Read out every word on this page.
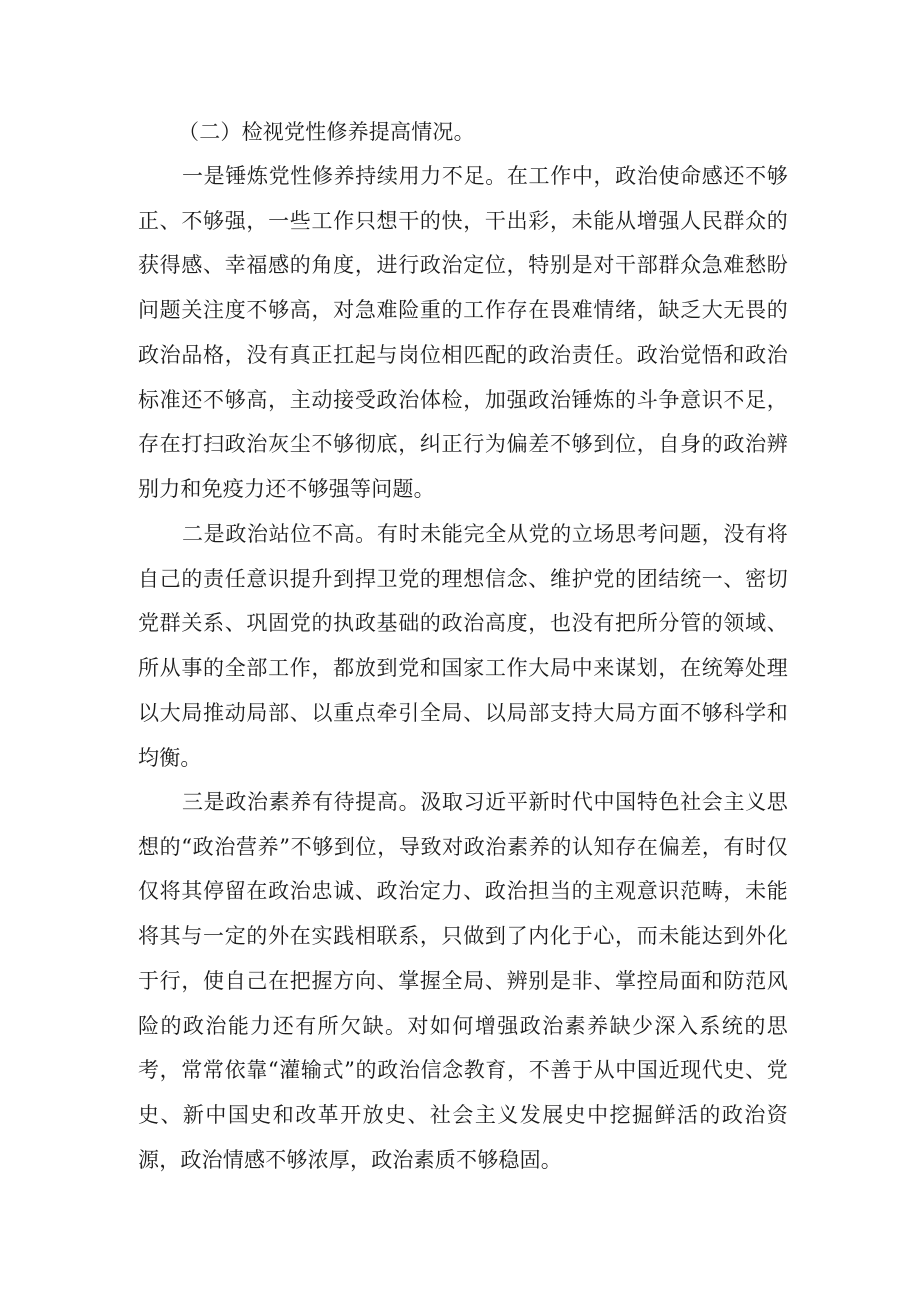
（二）检视党性修养提高情况。

一是锤炼党性修养持续用力不足。在工作中，政治使命感还不够正、不够强，一些工作只想干的快，干出彩，未能从增强人民群众的获得感、幸福感的角度，进行政治定位，特别是对干部群众急难愁盼问题关注度不够高，对急难险重的工作存在畏难情绪，缺乏大无畏的政治品格，没有真正扛起与岗位相匹配的政治责任。政治觉悟和政治标准还不够高，主动接受政治体检，加强政治锤炼的斗争意识不足，存在打扫政治灰尘不够彻底，纠正行为偏差不够到位，自身的政治辨别力和免疫力还不够强等问题。

二是政治站位不高。有时未能完全从党的立场思考问题，没有将自己的责任意识提升到捍卫党的理想信念、维护党的团结统一、密切党群关系、巩固党的执政基础的政治高度，也没有把所分管的领域、所从事的全部工作，都放到党和国家工作大局中来谋划，在统筹处理以大局推动局部、以重点牵引全局、以局部支持大局方面不够科学和均衡。

三是政治素养有待提高。汲取习近平新时代中国特色社会主义思想的“政治营养”不够到位，导致对政治素养的认知存在偏差，有时仅仅将其停留在政治忠诚、政治定力、政治担当的主观意识范畴，未能将其与一定的外在实践相联系，只做到了内化于心，而未能达到外化于行，使自己在把握方向、掌握全局、辨别是非、掌控局面和防范风险的政治能力还有所欠缺。对如何增强政治素养缺少深入系统的思考，常常依靠“灌输式”的政治信念教育，不善于从中国近现代史、党史、新中国史和改革开放史、社会主义发展史中挖掘鲜活的政治资源，政治情感不够浓厚，政治素质不够稳固。
